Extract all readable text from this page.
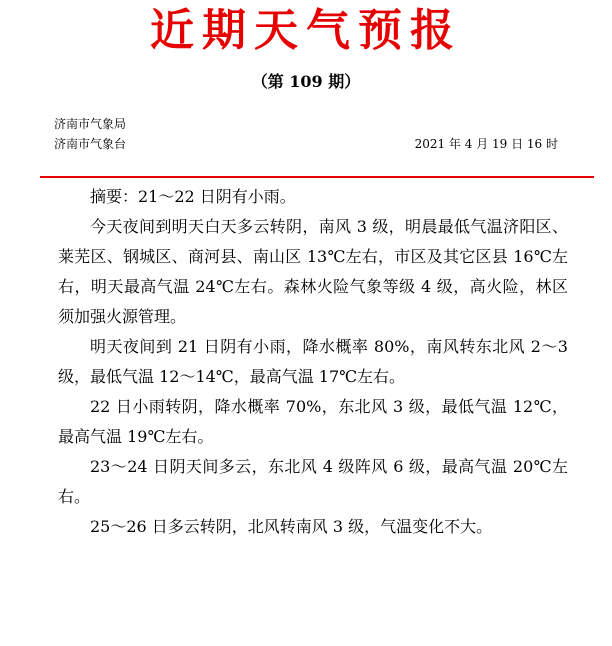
近期天气预报
（第 109 期）
济南市气象局
济南市气象台	2021 年 4 月 19 日 16 时

摘要：21～22 日阴有小雨。

今天夜间到明天白天多云转阴，南风 3 级，明晨最低气温济阳区、莱芜区、钢城区、商河县、南山区 13℃左右，市区及其它区县 16℃左右，明天最高气温 24℃左右。森林火险气象等级 4 级，高火险，林区须加强火源管理。

明天夜间到 21 日阴有小雨，降水概率 80%，南风转东北风 2～3 级，最低气温 12～14℃，最高气温 17℃左右。

22 日小雨转阴，降水概率 70%，东北风 3 级，最低气温 12℃，最高气温 19℃左右。

23～24 日阴天间多云，东北风 4 级阵风 6 级，最高气温 20℃左右。

25～26 日多云转阴，北风转南风 3 级，气温变化不大。
